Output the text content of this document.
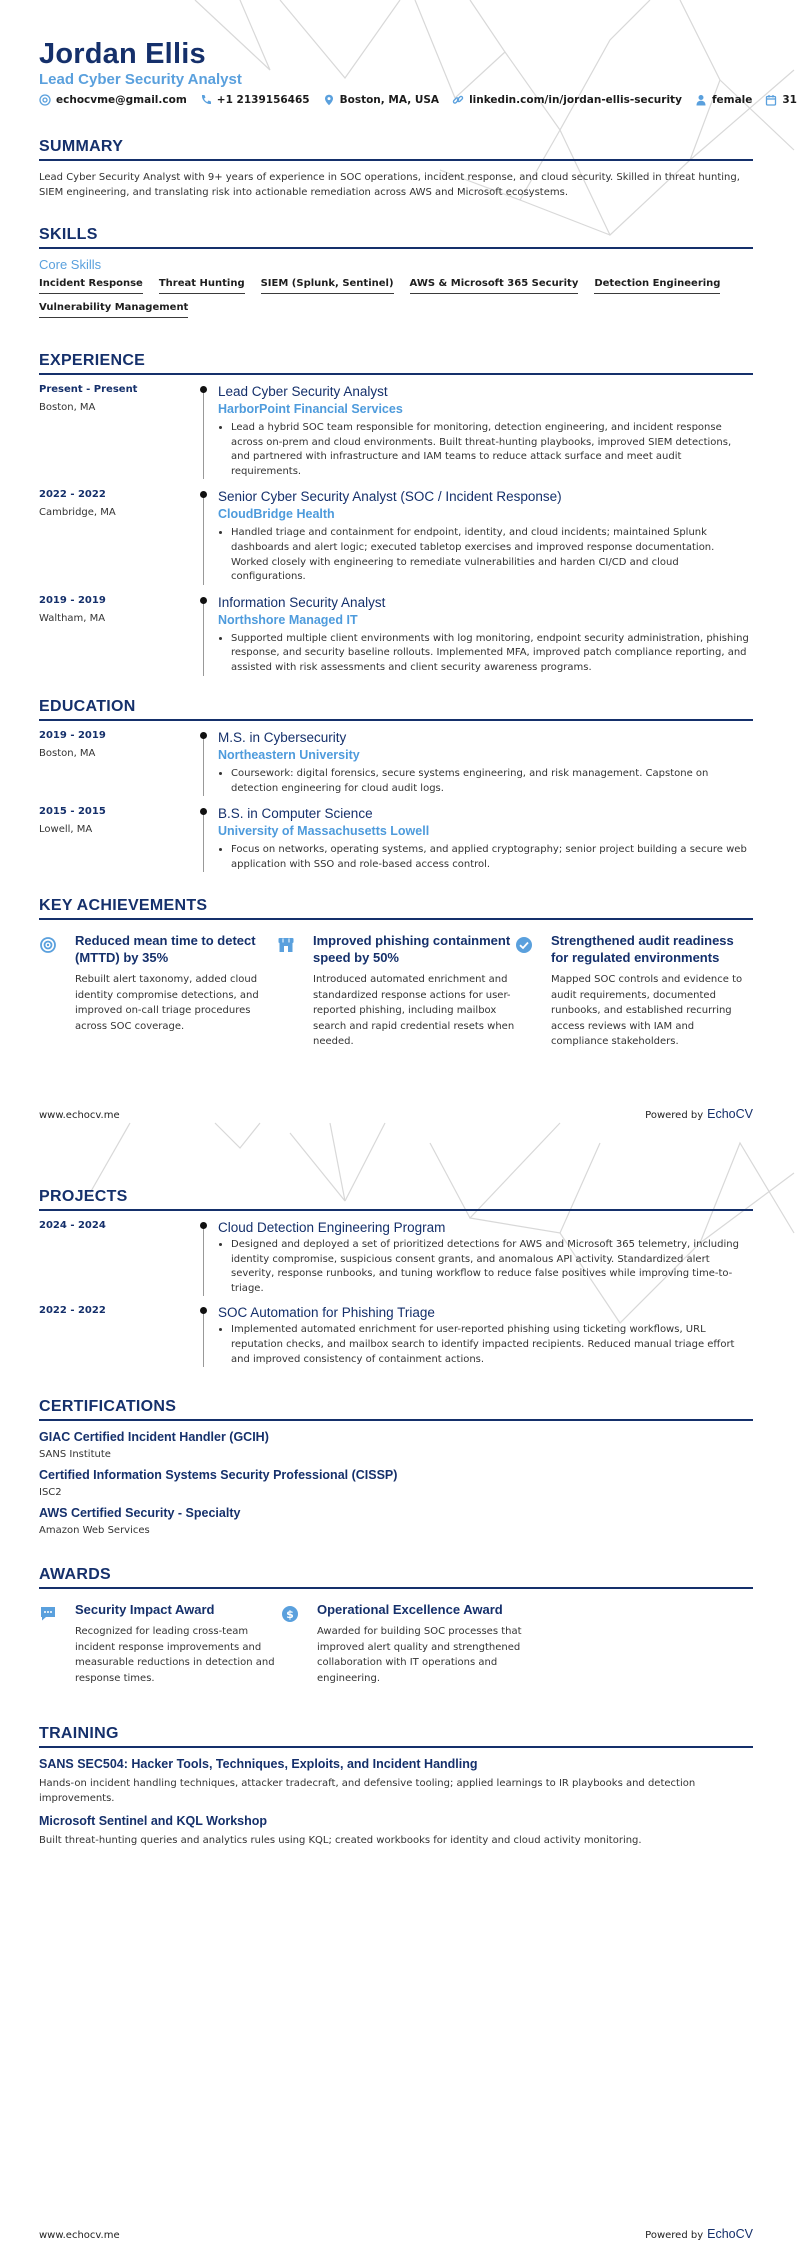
Jordan Ellis
Lead Cyber Security Analyst
echocvme@gmail.com	+1 2139156465	Boston, MA, USA	linkedin.com/in/jordan-ellis-security	female	31
SUMMARY
Lead Cyber Security Analyst with 9+ years of experience in SOC operations, incident response, and cloud security. Skilled in threat hunting, SIEM engineering, and translating risk into actionable remediation across AWS and Microsoft ecosystems.
SKILLS
Core Skills
Incident Response Threat Hunting SIEM (Splunk, Sentinel) AWS & Microsoft 365 Security Detection Engineering
Vulnerability Management
EXPERIENCE
Present - Present
Boston, MA
Lead Cyber Security Analyst
HarborPoint Financial Services
• Lead a hybrid SOC team responsible for monitoring, detection engineering, and incident response across on-prem and cloud environments. Built threat-hunting playbooks, improved SIEM detections, and partnered with infrastructure and IAM teams to reduce attack surface and meet audit requirements.
2022 - 2022
Cambridge, MA
Senior Cyber Security Analyst (SOC / Incident Response)
CloudBridge Health
• Handled triage and containment for endpoint, identity, and cloud incidents; maintained Splunk dashboards and alert logic; executed tabletop exercises and improved response documentation. Worked closely with engineering to remediate vulnerabilities and harden CI/CD and cloud configurations.
2019 - 2019
Waltham, MA
Information Security Analyst
Northshore Managed IT
• Supported multiple client environments with log monitoring, endpoint security administration, phishing response, and security baseline rollouts. Implemented MFA, improved patch compliance reporting, and assisted with risk assessments and client security awareness programs.
EDUCATION
2019 - 2019
Boston, MA
M.S. in Cybersecurity
Northeastern University
• Coursework: digital forensics, secure systems engineering, and risk management. Capstone on detection engineering for cloud audit logs.
2015 - 2015
Lowell, MA
B.S. in Computer Science
University of Massachusetts Lowell
• Focus on networks, operating systems, and applied cryptography; senior project building a secure web application with SSO and role-based access control.
KEY ACHIEVEMENTS
Reduced mean time to detect (MTTD) by 35%
Rebuilt alert taxonomy, added cloud identity compromise detections, and improved on-call triage procedures across SOC coverage.
Improved phishing containment speed by 50%
Introduced automated enrichment and standardized response actions for user-reported phishing, including mailbox search and rapid credential resets when needed.
Strengthened audit readiness for regulated environments
Mapped SOC controls and evidence to audit requirements, documented runbooks, and established recurring access reviews with IAM and compliance stakeholders.
www.echocv.me	Powered by EchoCV
PROJECTS
2024 - 2024	Cloud Detection Engineering Program
• Designed and deployed a set of prioritized detections for AWS and Microsoft 365 telemetry, including identity compromise, suspicious consent grants, and anomalous API activity. Standardized alert severity, response runbooks, and tuning workflow to reduce false positives while improving time-to-triage.
2022 - 2022	SOC Automation for Phishing Triage
• Implemented automated enrichment for user-reported phishing using ticketing workflows, URL reputation checks, and mailbox search to identify impacted recipients. Reduced manual triage effort and improved consistency of containment actions.
CERTIFICATIONS
GIAC Certified Incident Handler (GCIH)
SANS Institute
Certified Information Systems Security Professional (CISSP)
ISC2
AWS Certified Security - Specialty
Amazon Web Services
AWARDS
Security Impact Award
Recognized for leading cross-team incident response improvements and measurable reductions in detection and response times.
$ Operational Excellence Award
Awarded for building SOC processes that improved alert quality and strengthened collaboration with IT operations and engineering.
TRAINING
SANS SEC504: Hacker Tools, Techniques, Exploits, and Incident Handling
Hands-on incident handling techniques, attacker tradecraft, and defensive tooling; applied learnings to IR playbooks and detection improvements.
Microsoft Sentinel and KQL Workshop
Built threat-hunting queries and analytics rules using KQL; created workbooks for identity and cloud activity monitoring.
www.echocv.me	Powered by EchoCV
